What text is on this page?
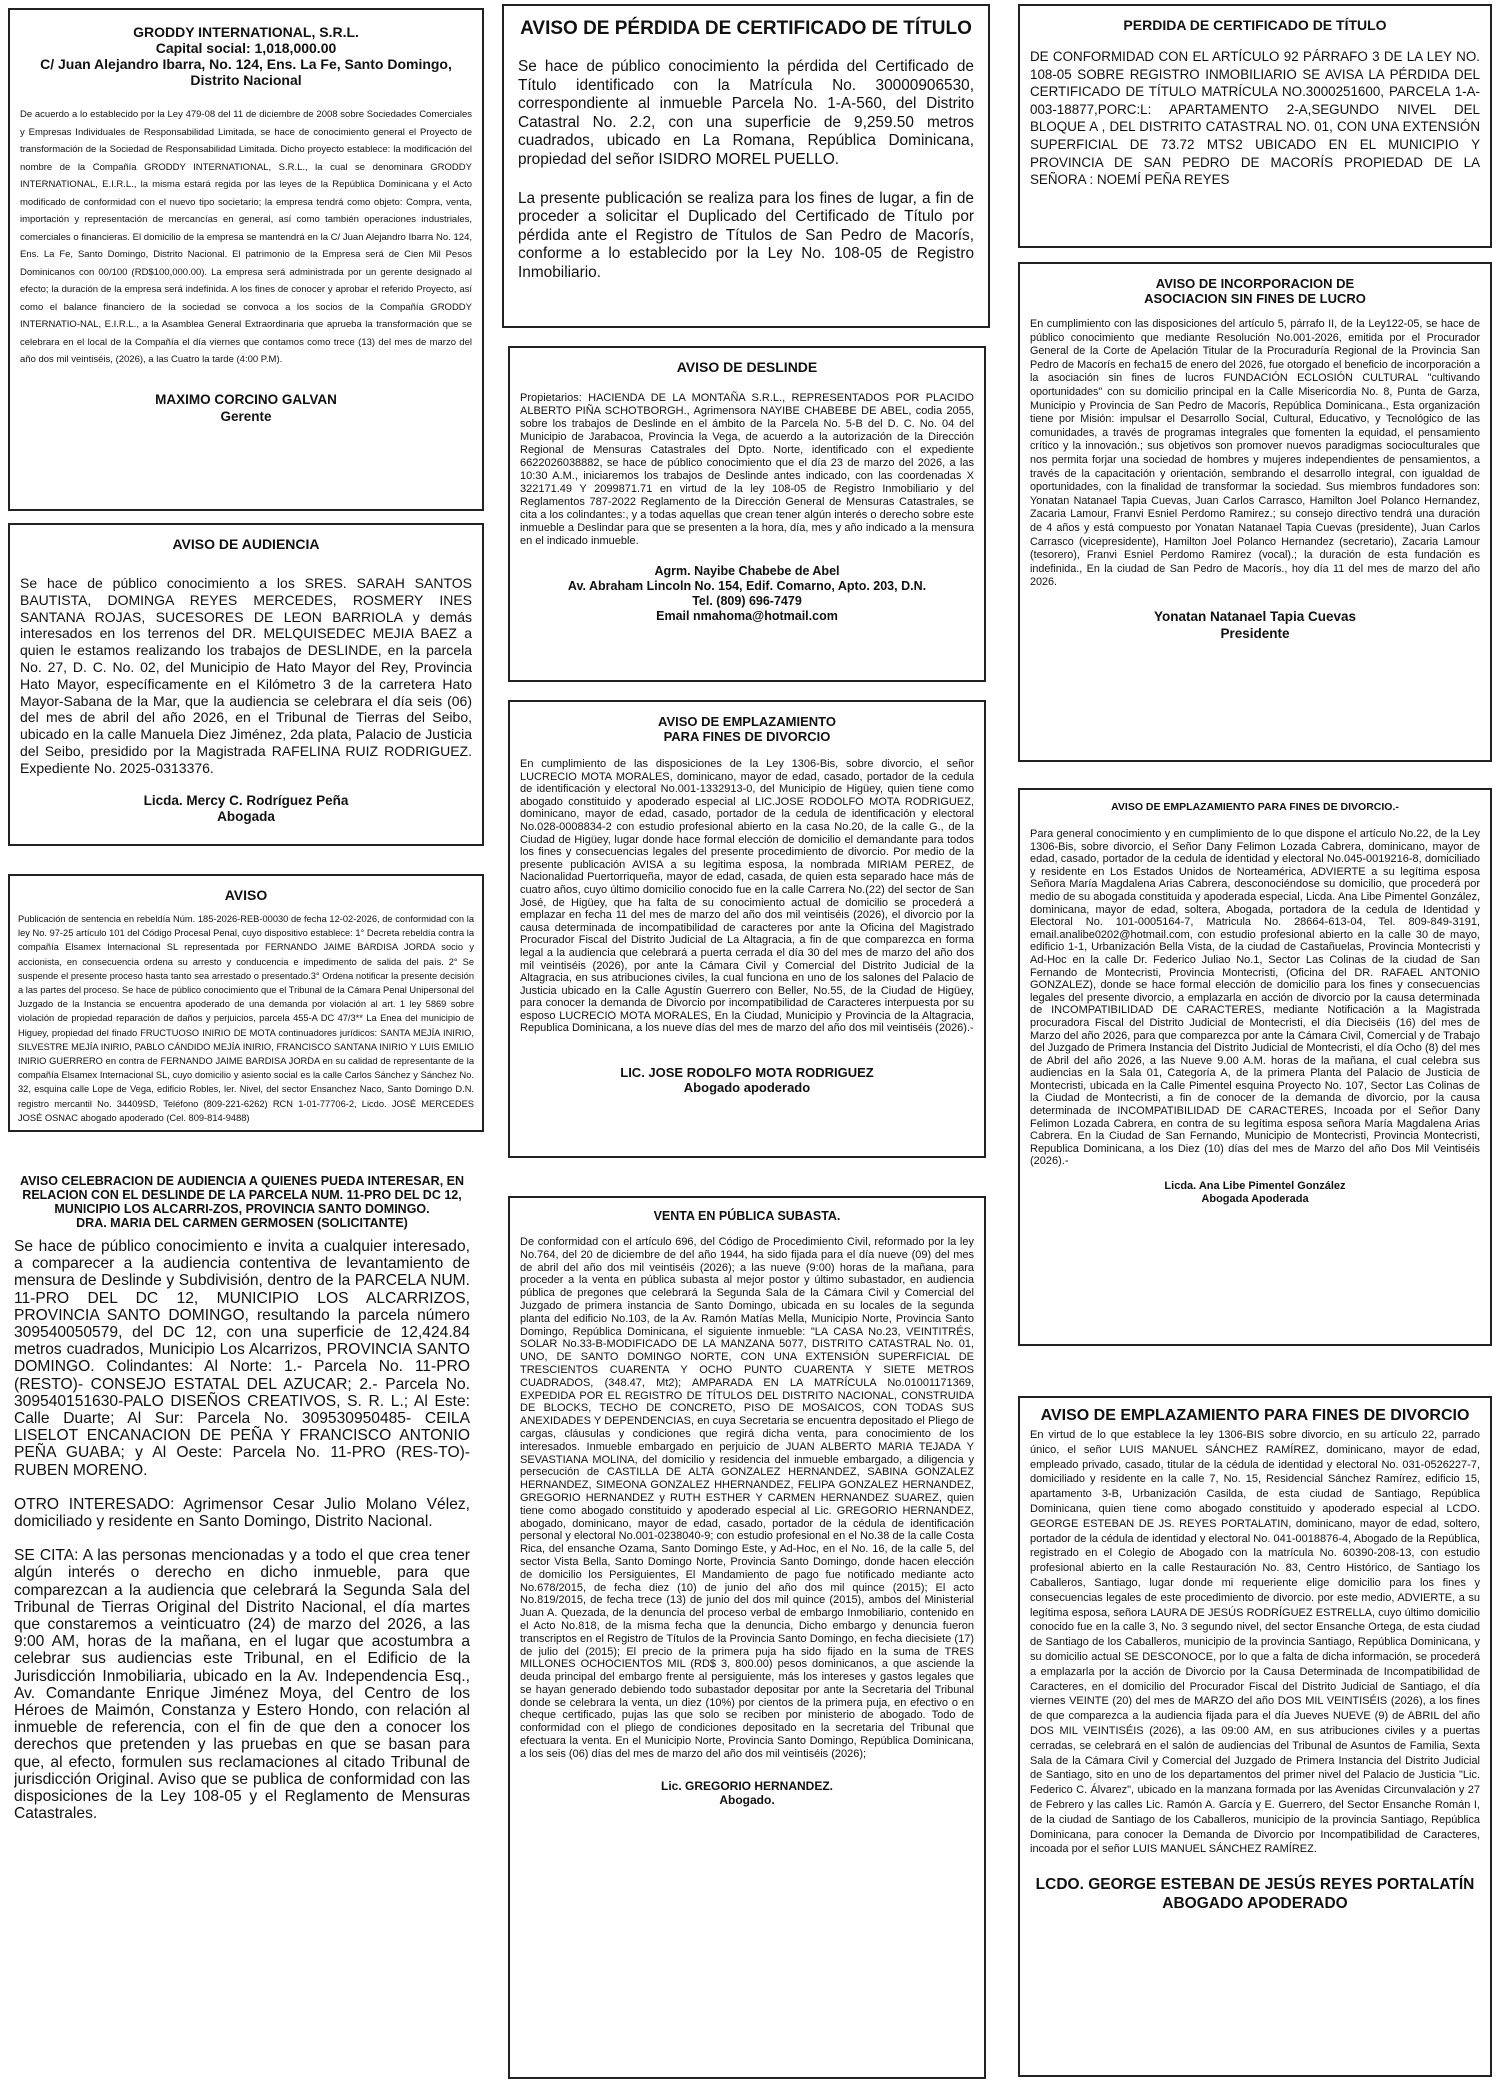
GRODDY INTERNATIONAL, S.R.L.
Capital social: 1,018,000.00
C/ Juan Alejandro Ibarra, No. 124, Ens. La Fe, Santo Domingo,
Distrito Nacional

De acuerdo a lo establecido por la Ley 479-08 del 11 de diciembre de 2008 sobre Sociedades Comerciales y Empresas Individuales de Responsabilidad Limitada, se hace de conocimiento general el Proyecto de transformación de la Sociedad de Responsabilidad Limitada. Dicho proyecto establece: la modificación del nombre de la Compañía GRODDY INTERNATIONAL, S.R.L., la cual se denominara GRODDY INTERNATIONAL, E.I.R.L., la misma estará regida por las leyes de la República Dominicana y el Acto modificado de conformidad con el nuevo tipo societario; la empresa tendrá como objeto: Compra, venta, importación y representación de mercancías en general, así como también operaciones industriales, comerciales o financieras. El domicilio de la empresa se mantendrá en la C/ Juan Alejandro Ibarra No. 124, Ens. La Fe, Santo Domingo, Distrito Nacional. El patrimonio de la Empresa será de Cien Mil Pesos Dominicanos con 00/100 (RD$100,000.00). La empresa será administrada por un gerente designado al efecto; la duración de la empresa será indefinida. A los fines de conocer y aprobar el referido Proyecto, así como el balance financiero de la sociedad se convoca a los socios de la Compañía GRODDY INTERNATIO-NAL, E.I.R.L., a la Asamblea General Extraordinaria que aprueba la transformación que se celebrara en el local de la Compañía el día viernes que contamos como trece (13) del mes de marzo del año dos mil veintiséis, (2026), a las Cuatro la tarde (4:00 P.M).

MAXIMO CORCINO GALVAN
Gerente

AVISO DE AUDIENCIA

Se hace de público conocimiento a los SRES. SARAH SANTOS BAUTISTA, DOMINGA REYES MERCEDES, ROSMERY INES SANTANA ROJAS, SUCESORES DE LEON BARRIOLA y demás interesados en los terrenos del DR. MELQUISEDEC MEJIA BAEZ a quien le estamos realizando los trabajos de DESLINDE, en la parcela No. 27, D. C. No. 02, del Municipio de Hato Mayor del Rey, Provincia Hato Mayor, específicamente en el Kilómetro 3 de la carretera Hato Mayor-Sabana de la Mar, que la audiencia se celebrara el día seis (06) del mes de abril del año 2026, en el Tribunal de Tierras del Seibo, ubicado en la calle Manuela Diez Jiménez, 2da plata, Palacio de Justicia del Seibo, presidido por la Magistrada RAFELINA RUIZ RODRIGUEZ. Expediente No. 2025-0313376.

Licda. Mercy C. Rodríguez Peña
Abogada

AVISO

Publicación de sentencia en rebeldía Núm. 185-2026-REB-00030 de fecha 12-02-2026, de conformidad con la ley No. 97-25 artículo 101 del Código Procesal Penal, cuyo dispositivo establece: 1° Decreta rebeldía contra la compañía Elsamex Internacional SL representada por FERNANDO JAIME BARDISA JORDA socio y accionista, en consecuencia ordena su arresto y conducencia e impedimento de salida del país. 2° Se suspende el presente proceso hasta tanto sea arrestado o presentado.3° Ordena notificar la presente decisión a las partes del proceso. Se hace de público conocimiento que el Tribunal de la Cámara Penal Unipersonal del Juzgado de la Instancia se encuentra apoderado de una demanda por violación al art. 1 ley 5869 sobre violación de propiedad reparación de daños y perjuicios, parcela 455-A DC 47/3** La Enea del municipio de Higuey, propiedad del finado FRUCTUOSO INIRIO DE MOTA continuadores jurídicos: SANTA MEJÍA INIRIO, SILVESTRE MEJÍA INIRIO, PABLO CÁNDIDO MEJÍA INIRIO, FRANCISCO SANTANA INIRIO Y LUIS EMILIO INIRIO GUERRERO en contra de FERNANDO JAIME BARDISA JORDA en su calidad de representante de la compañía Elsamex Internacional SL, cuyo domicilio y asiento social es la calle Carlos Sánchez y Sánchez No. 32, esquina calle Lope de Vega, edificio Robles, ler. Nivel, del sector Ensanchez Naco, Santo Domingo D.N. registro mercantil No. 34409SD, Teléfono (809-221-6262) RCN 1-01-77706-2, Licdo. JOSÉ MERCEDES JOSÉ OSNAC abogado apoderado (Cel. 809-814-9488)

AVISO CELEBRACION DE AUDIENCIA A QUIENES PUEDA INTERESAR, EN RELACION CON EL DESLINDE DE LA PARCELA NUM. 11-PRO DEL DC 12, MUNICIPIO LOS ALCARRI-ZOS, PROVINCIA SANTO DOMINGO.
DRA. MARIA DEL CARMEN GERMOSEN (SOLICITANTE)

Se hace de público conocimiento e invita a cualquier interesado, a comparecer a la audiencia contentiva de levantamiento de mensura de Deslinde y Subdivisión, dentro de la PARCELA NUM. 11-PRO DEL DC 12, MUNICIPIO LOS ALCARRIZOS, PROVINCIA SANTO DOMINGO, resultando la parcela número 309540050579, del DC 12, con una superficie de 12,424.84 metros cuadrados, Municipio Los Alcarrizos, PROVINCIA SANTO DOMINGO. Colindantes: Al Norte: 1.- Parcela No. 11-PRO (RESTO)- CONSEJO ESTATAL DEL AZUCAR; 2.- Parcela No. 309540151630-PALO DISEÑOS CREATIVOS, S. R. L.; Al Este: Calle Duarte; Al Sur: Parcela No. 309530950485- CEILA LISELOT ENCANACION DE PEÑA Y FRANCISCO ANTONIO PEÑA GUABA; y Al Oeste: Parcela No. 11-PRO (RES-TO)-RUBEN MORENO.

OTRO INTERESADO: Agrimensor Cesar Julio Molano Vélez, domiciliado y residente en Santo Domingo, Distrito Nacional.

SE CITA: A las personas mencionadas y a todo el que crea tener algún interés o derecho en dicho inmueble, para que comparezcan a la audiencia que celebrará la Segunda Sala del Tribunal de Tierras Original del Distrito Nacional, el día martes que constaremos a veinticuatro (24) de marzo del 2026, a las 9:00 AM, horas de la mañana, en el lugar que acostumbra a celebrar sus audiencias este Tribunal, en el Edificio de la Jurisdicción Inmobiliaria, ubicado en la Av. Independencia Esq., Av. Comandante Enrique Jiménez Moya, del Centro de los Héroes de Maimón, Constanza y Estero Hondo, con relación al inmueble de referencia, con el fin de que den a conocer los derechos que pretenden y las pruebas en que se basan para que, al efecto, formulen sus reclamaciones al citado Tribunal de jurisdicción Original. Aviso que se publica de conformidad con las disposiciones de la Ley 108-05 y el Reglamento de Mensuras Catastrales.

AVISO DE PÉRDIDA DE CERTIFICADO DE TÍTULO

Se hace de público conocimiento la pérdida del Certificado de Título identificado con la Matrícula No. 30000906530, correspondiente al inmueble Parcela No. 1-A-560, del Distrito Catastral No. 2.2, con una superficie de 9,259.50 metros cuadrados, ubicado en La Romana, República Dominicana, propiedad del señor ISIDRO MOREL PUELLO.

La presente publicación se realiza para los fines de lugar, a fin de proceder a solicitar el Duplicado del Certificado de Título por pérdida ante el Registro de Títulos de San Pedro de Macorís, conforme a lo establecido por la Ley No. 108-05 de Registro Inmobiliario.

AVISO DE DESLINDE

Propietarios: HACIENDA DE LA MONTAÑA S.R.L., REPRESENTADOS POR PLACIDO ALBERTO PIÑA SCHOTBORGH., Agrimensora NAYIBE CHABEBE DE ABEL, codia 2055, sobre los trabajos de Deslinde en el ámbito de la Parcela No. 5-B del D. C. No. 04 del Municipio de Jarabacoa, Provincia la Vega, de acuerdo a la autorización de la Dirección Regional de Mensuras Catastrales del Dpto. Norte, identificado con el expediente 6622026038882, se hace de público conocimiento que el día 23 de marzo del 2026, a las 10:30 A.M., iniciaremos los trabajos de Deslinde antes indicado, con las coordenadas X 322171.49 Y 2099871.71 en virtud de la ley 108-05 de Registro Inmobiliario y del Reglamentos 787-2022 Reglamento de la Dirección General de Mensuras Catastrales, se cita a los colindantes:, y a todas aquellas que crean tener algún interés o derecho sobre este inmueble a Deslindar para que se presenten a la hora, día, mes y año indicado a la mensura en el indicado inmueble.

Agrm. Nayibe Chabebe de Abel
Av. Abraham Lincoln No. 154, Edif. Comarno, Apto. 203, D.N.
Tel. (809) 696-7479
Email nmahoma@hotmail.com

AVISO DE EMPLAZAMIENTO
PARA FINES DE DIVORCIO

En cumplimiento de las disposiciones de la Ley 1306-Bis, sobre divorcio, el señor LUCRECIO MOTA MORALES, dominicano, mayor de edad, casado, portador de la cedula de identificación y electoral No.001-1332913-0, del Municipio de Higüey, quien tiene como abogado constituido y apoderado especial al LIC.JOSE RODOLFO MOTA RODRIGUEZ, dominicano, mayor de edad, casado, portador de la cedula de identificación y electoral No.028-0008834-2 con estudio profesional abierto en la casa No.20, de la calle G., de la Ciudad de Higüey, lugar donde hace formal elección de domicilio el demandante para todos los fines y consecuencias legales del presente procedimiento de divorcio. Por medio de la presente publicación AVISA a su legitima esposa, la nombrada MIRIAM PEREZ, de Nacionalidad Puertorriqueña, mayor de edad, casada, de quien esta separado hace más de cuatro años, cuyo último domicilio conocido fue en la calle Carrera No.(22) del sector de San José, de Higüey, que ha falta de su conocimiento actual de domicilio se procederá a emplazar en fecha 11 del mes de marzo del año dos mil veintiséis (2026), el divorcio por la causa determinada de incompatibilidad de caracteres por ante la Oficina del Magistrado Procurador Fiscal del Distrito Judicial de La Altagracia, a fin de que comparezca en forma legal a la audiencia que celebrará a puerta cerrada el día 30 del mes de marzo del año dos mil veintiséis (2026), por ante la Cámara Civil y Comercial del Distrito Judicial de la Altagracia, en sus atribuciones civiles, la cual funciona en uno de los salones del Palacio de Justicia ubicado en la Calle Agustín Guerrero con Beller, No.55, de la Ciudad de Higüey, para conocer la demanda de Divorcio por incompatibilidad de Caracteres interpuesta por su esposo LUCRECIO MOTA MORALES, En la Ciudad, Municipio y Provincia de la Altagracia, Republica Dominicana, a los nueve días del mes de marzo del año dos mil veintiséis (2026).-

LIC. JOSE RODOLFO MOTA RODRIGUEZ
Abogado apoderado

VENTA EN PÚBLICA SUBASTA.

De conformidad con el artículo 696, del Código de Procedimiento Civil, reformado por la ley No.764, del 20 de diciembre de del año 1944, ha sido fijada para el día nueve (09) del mes de abril del año dos mil veintiséis (2026); a las nueve (9:00) horas de la mañana, para proceder a la venta en pública subasta al mejor postor y último subastador, en audiencia pública de pregones que celebrará la Segunda Sala de la Cámara Civil y Comercial del Juzgado de primera instancia de Santo Domingo, ubicada en su locales de la segunda planta del edificio No.103, de la Av. Ramón Matías Mella, Municipio Norte, Provincia Santo Domingo, República Dominicana, el siguiente inmueble: "LA CASA No.23, VEINTITRÉS, SOLAR No.33-B-MODIFICADO DE LA MANZANA 5077, DISTRITO CATASTRAL No. 01, UNO, DE SANTO DOMINGO NORTE, CON UNA EXTENSIÓN SUPERFICIAL DE TRESCIENTOS CUARENTA Y OCHO PUNTO CUARENTA Y SIETE METROS CUADRADOS, (348.47, Mt2); AMPARADA EN LA MATRÍCULA No.01001171369, EXPEDIDA POR EL REGISTRO DE TÍTULOS DEL DISTRITO NACIONAL, CONSTRUIDA DE BLOCKS, TECHO DE CONCRETO, PISO DE MOSAICOS, CON TODAS SUS ANEXIDADES Y DEPENDENCIAS, en cuya Secretaria se encuentra depositado el Pliego de cargas, cláusulas y condiciones que regirá dicha venta, para conocimiento de los interesados. Inmueble embargado en perjuicio de JUAN ALBERTO MARIA TEJADA Y SEVASTIANA MOLINA, del domicilio y residencia del inmueble embargado, a diligencia y persecución de CASTILLA DE ALTA GONZALEZ HERNANDEZ, SABINA GONZALEZ HERNANDEZ, SIMEONA GONZALEZ HHERNANDEZ, FELIPA GONZALEZ HERNANDEZ, GREGORIO HERNANDEZ y RUTH ESTHER Y CARMEN HERNANDEZ SUAREZ, quien tiene como abogado constituido y apoderado especial al Lic. GREGORIO HERNANDEZ, abogado, dominicano, mayor de edad, casado, portador de la cédula de identificación personal y electoral No.001-0238040-9; con estudio profesional en el No.38 de la calle Costa Rica, del ensanche Ozama, Santo Domingo Este, y Ad-Hoc, en el No. 16, de la calle 5, del sector Vista Bella, Santo Domingo Norte, Provincia Santo Domingo, donde hacen elección de domicilio los Persiguientes, El Mandamiento de pago fue notificado mediante acto No.678/2015, de fecha diez (10) de junio del año dos mil quince (2015); El acto No.819/2015, de fecha trece (13) de junio del dos mil quince (2015), ambos del Ministerial Juan A. Quezada, de la denuncia del proceso verbal de embargo Inmobiliario, contenido en el Acto No.818, de la misma fecha que la denuncia, Dicho embargo y denuncia fueron transcriptos en el Registro de Títulos de la Provincia Santo Domingo, en fecha diecisiete (17) de julio del (2015); El precio de la primera puja ha sido fijado en la suma de TRES MILLONES OCHOCIENTOS MIL (RD$ 3, 800.00) pesos dominicanos, a que asciende la deuda principal del embargo frente al persiguiente, más los intereses y gastos legales que se hayan generado debiendo todo subastador depositar por ante la Secretaria del Tribunal donde se celebrara la venta, un diez (10%) por cientos de la primera puja, en efectivo o en cheque certificado, pujas las que solo se reciben por ministerio de abogado. Todo de conformidad con el pliego de condiciones depositado en la secretaria del Tribunal que efectuara la venta. En el Municipio Norte, Provincia Santo Domingo, República Dominicana, a los seis (06) días del mes de marzo del año dos mil veintiséis (2026);

Lic. GREGORIO HERNANDEZ.
Abogado.

PERDIDA DE CERTIFICADO DE TÍTULO

DE CONFORMIDAD CON EL ARTÍCULO 92 PÁRRAFO 3 DE LA LEY NO. 108-05 SOBRE REGISTRO INMOBILIARIO SE AVISA LA PÉRDIDA DEL CERTIFICADO DE TÍTULO MATRÍCULA NO.3000251600, PARCELA 1-A-003-18877,PORC:L: APARTAMENTO 2-A,SEGUNDO NIVEL DEL BLOQUE A , DEL DISTRITO CATASTRAL NO. 01, CON UNA EXTENSIÓN SUPERFICIAL DE 73.72 MTS2 UBICADO EN EL MUNICIPIO Y PROVINCIA DE SAN PEDRO DE MACORÍS PROPIEDAD DE LA SEÑORA : NOEMÍ PEÑA REYES

AVISO DE INCORPORACION DE
ASOCIACION SIN FINES DE LUCRO

En cumplimiento con las disposiciones del artículo 5, párrafo II, de la Ley122-05, se hace de público conocimiento que mediante Resolución No.001-2026, emitida por el Procurador General de la Corte de Apelación Titular de la Procuraduría Regional de la Provincia San Pedro de Macorís en fecha15 de enero del 2026, fue otorgado el beneficio de incorporación a la asociación sin fines de lucros FUNDACIÓN ECLOSIÓN CULTURAL "cultivando oportunidades" con su domicilio principal en la Calle Misericordia No. 8, Punta de Garza, Municipio y Provincia de San Pedro de Macorís, República Dominicana., Esta organización tiene por Misión: impulsar el Desarrollo Social, Cultural, Educativo, y Tecnológico de las comunidades, a través de programas integrales que fomenten la equidad, el pensamiento crítico y la innovación.; sus objetivos son promover nuevos paradigmas socioculturales que nos permita forjar una sociedad de hombres y mujeres independientes de pensamientos, a través de la capacitación y orientación, sembrando el desarrollo integral, con igualdad de oportunidades, con la finalidad de transformar la sociedad. Sus miembros fundadores son: Yonatan Natanael Tapia Cuevas, Juan Carlos Carrasco, Hamilton Joel Polanco Hernandez, Zacaria Lamour, Franvi Esniel Perdomo Ramirez.; su consejo directivo tendrá una duración de 4 años y está compuesto por Yonatan Natanael Tapia Cuevas (presidente), Juan Carlos Carrasco (vicepresidente), Hamilton Joel Polanco Hernandez (secretario), Zacaria Lamour (tesorero), Franvi Esniel Perdomo Ramirez (vocal).; la duración de esta fundación es indefinida., En la ciudad de San Pedro de Macorís., hoy día 11 del mes de marzo del año 2026.

Yonatan Natanael Tapia Cuevas
Presidente

AVISO DE EMPLAZAMIENTO PARA FINES DE DIVORCIO.-

Para general conocimiento y en cumplimiento de lo que dispone el artículo No.22, de la Ley 1306-Bis, sobre divorcio, el Señor Dany Felimon Lozada Cabrera, dominicano, mayor de edad, casado, portador de la cedula de identidad y electoral No.045-0019216-8, domiciliado y residente en Los Estados Unidos de Norteamérica, ADVIERTE a su legítima esposa Señora María Magdalena Arias Cabrera, desconociéndose su domicilio, que procederá por medio de su abogada constituida y apoderada especial, Licda. Ana Libe Pimentel González, dominicana, mayor de edad, soltera, Abogada, portadora de la cedula de Identidad y Electoral No. 101-0005164-7, Matricula No. 28664-613-04, Tel. 809-849-3191, email.analibe0202@hotmail.com, con estudio profesional abierto en la calle 30 de mayo, edificio 1-1, Urbanización Bella Vista, de la ciudad de Castañuelas, Provincia Montecristi y Ad-Hoc en la calle Dr. Federico Juliao No.1, Sector Las Colinas de la ciudad de San Fernando de Montecristi, Provincia Montecristi, (Oficina del DR. RAFAEL ANTONIO GONZALEZ), donde se hace formal elección de domicilio para los fines y consecuencias legales del presente divorcio, a emplazarla en acción de divorcio por la causa determinada de INCOMPATIBILIDAD DE CARACTERES, mediante Notificación a la Magistrada procuradora Fiscal del Distrito Judicial de Montecristi, el día Dieciséis (16) del mes de Marzo del año 2026, para que comparezca por ante la Cámara Civil, Comercial y de Trabajo del Juzgado de Primera Instancia del Distrito Judicial de Montecristi, el día Ocho (8) del mes de Abril del año 2026, a las Nueve 9.00 A.M. horas de la mañana, el cual celebra sus audiencias en la Sala 01, Categoría A, de la primera Planta del Palacio de Justicia de Montecristi, ubicada en la Calle Pimentel esquina Proyecto No. 107, Sector Las Colinas de la Ciudad de Montecristi, a fin de conocer de la demanda de divorcio, por la causa determinada de INCOMPATIBILIDAD DE CARACTERES, Incoada por el Señor Dany Felimon Lozada Cabrera, en contra de su legítima esposa señora María Magdalena Arias Cabrera. En la Ciudad de San Fernando, Municipio de Montecristi, Provincia Montecristi, Republica Dominicana, a los Diez (10) días del mes de Marzo del año Dos Mil Veintiséis (2026).-

Licda. Ana Libe Pimentel González
Abogada Apoderada

AVISO DE EMPLAZAMIENTO PARA FINES DE DIVORCIO

En virtud de lo que establece la ley 1306-BIS sobre divorcio, en su artículo 22, parrado único, el señor LUIS MANUEL SÁNCHEZ RAMÍREZ, dominicano, mayor de edad, empleado privado, casado, titular de la cédula de identidad y electoral No. 031-0526227-7, domiciliado y residente en la calle 7, No. 15, Residencial Sánchez Ramírez, edificio 15, apartamento 3-B, Urbanización Casilda, de esta ciudad de Santiago, República Dominicana, quien tiene como abogado constituido y apoderado especial al LCDO. GEORGE ESTEBAN DE JS. REYES PORTALATIN, dominicano, mayor de edad, soltero, portador de la cédula de identidad y electoral No. 041-0018876-4, Abogado de la República, registrado en el Colegio de Abogado con la matrícula No. 60390-208-13, con estudio profesional abierto en la calle Restauración No. 83, Centro Histórico, de Santiago los Caballeros, Santiago, lugar donde mi requeriente elige domicilio para los fines y consecuencias legales de este procedimiento de divorcio. por este medio, ADVIERTE, a su legítima esposa, señora LAURA DE JESÚS RODRÍGUEZ ESTRELLA, cuyo último domicilio conocido fue en la calle 3, No. 3 segundo nivel, del sector Ensanche Ortega, de esta ciudad de Santiago de los Caballeros, municipio de la provincia Santiago, República Dominicana, y su domicilio actual SE DESCONOCE, por lo que a falta de dicha información, se procederá a emplazarla por la acción de Divorcio por la Causa Determinada de Incompatibilidad de Caracteres, en el domicilio del Procurador Fiscal del Distrito Judicial de Santiago, el día viernes VEINTE (20) del mes de MARZO del año DOS MIL VEINTISÉIS (2026), a los fines de que comparezca a la audiencia fijada para el día Jueves NUEVE (9) de ABRIL del año DOS MIL VEINTISÉIS (2026), a las 09:00 AM, en sus atribuciones civiles y a puertas cerradas, se celebrará en el salón de audiencias del Tribunal de Asuntos de Familia, Sexta Sala de la Cámara Civil y Comercial del Juzgado de Primera Instancia del Distrito Judicial de Santiago, sito en uno de los departamentos del primer nivel del Palacio de Justicia "Lic. Federico C. Álvarez", ubicado en la manzana formada por las Avenidas Circunvalación y 27 de Febrero y las calles Lic. Ramón A. García y E. Guerrero, del Sector Ensanche Román I, de la ciudad de Santiago de los Caballeros, municipio de la provincia Santiago, República Dominicana, para conocer la Demanda de Divorcio por Incompatibilidad de Caracteres, incoada por el señor LUIS MANUEL SÁNCHEZ RAMÍREZ.

LCDO. GEORGE ESTEBAN DE JESÚS REYES PORTALATÍN
ABOGADO APODERADO
